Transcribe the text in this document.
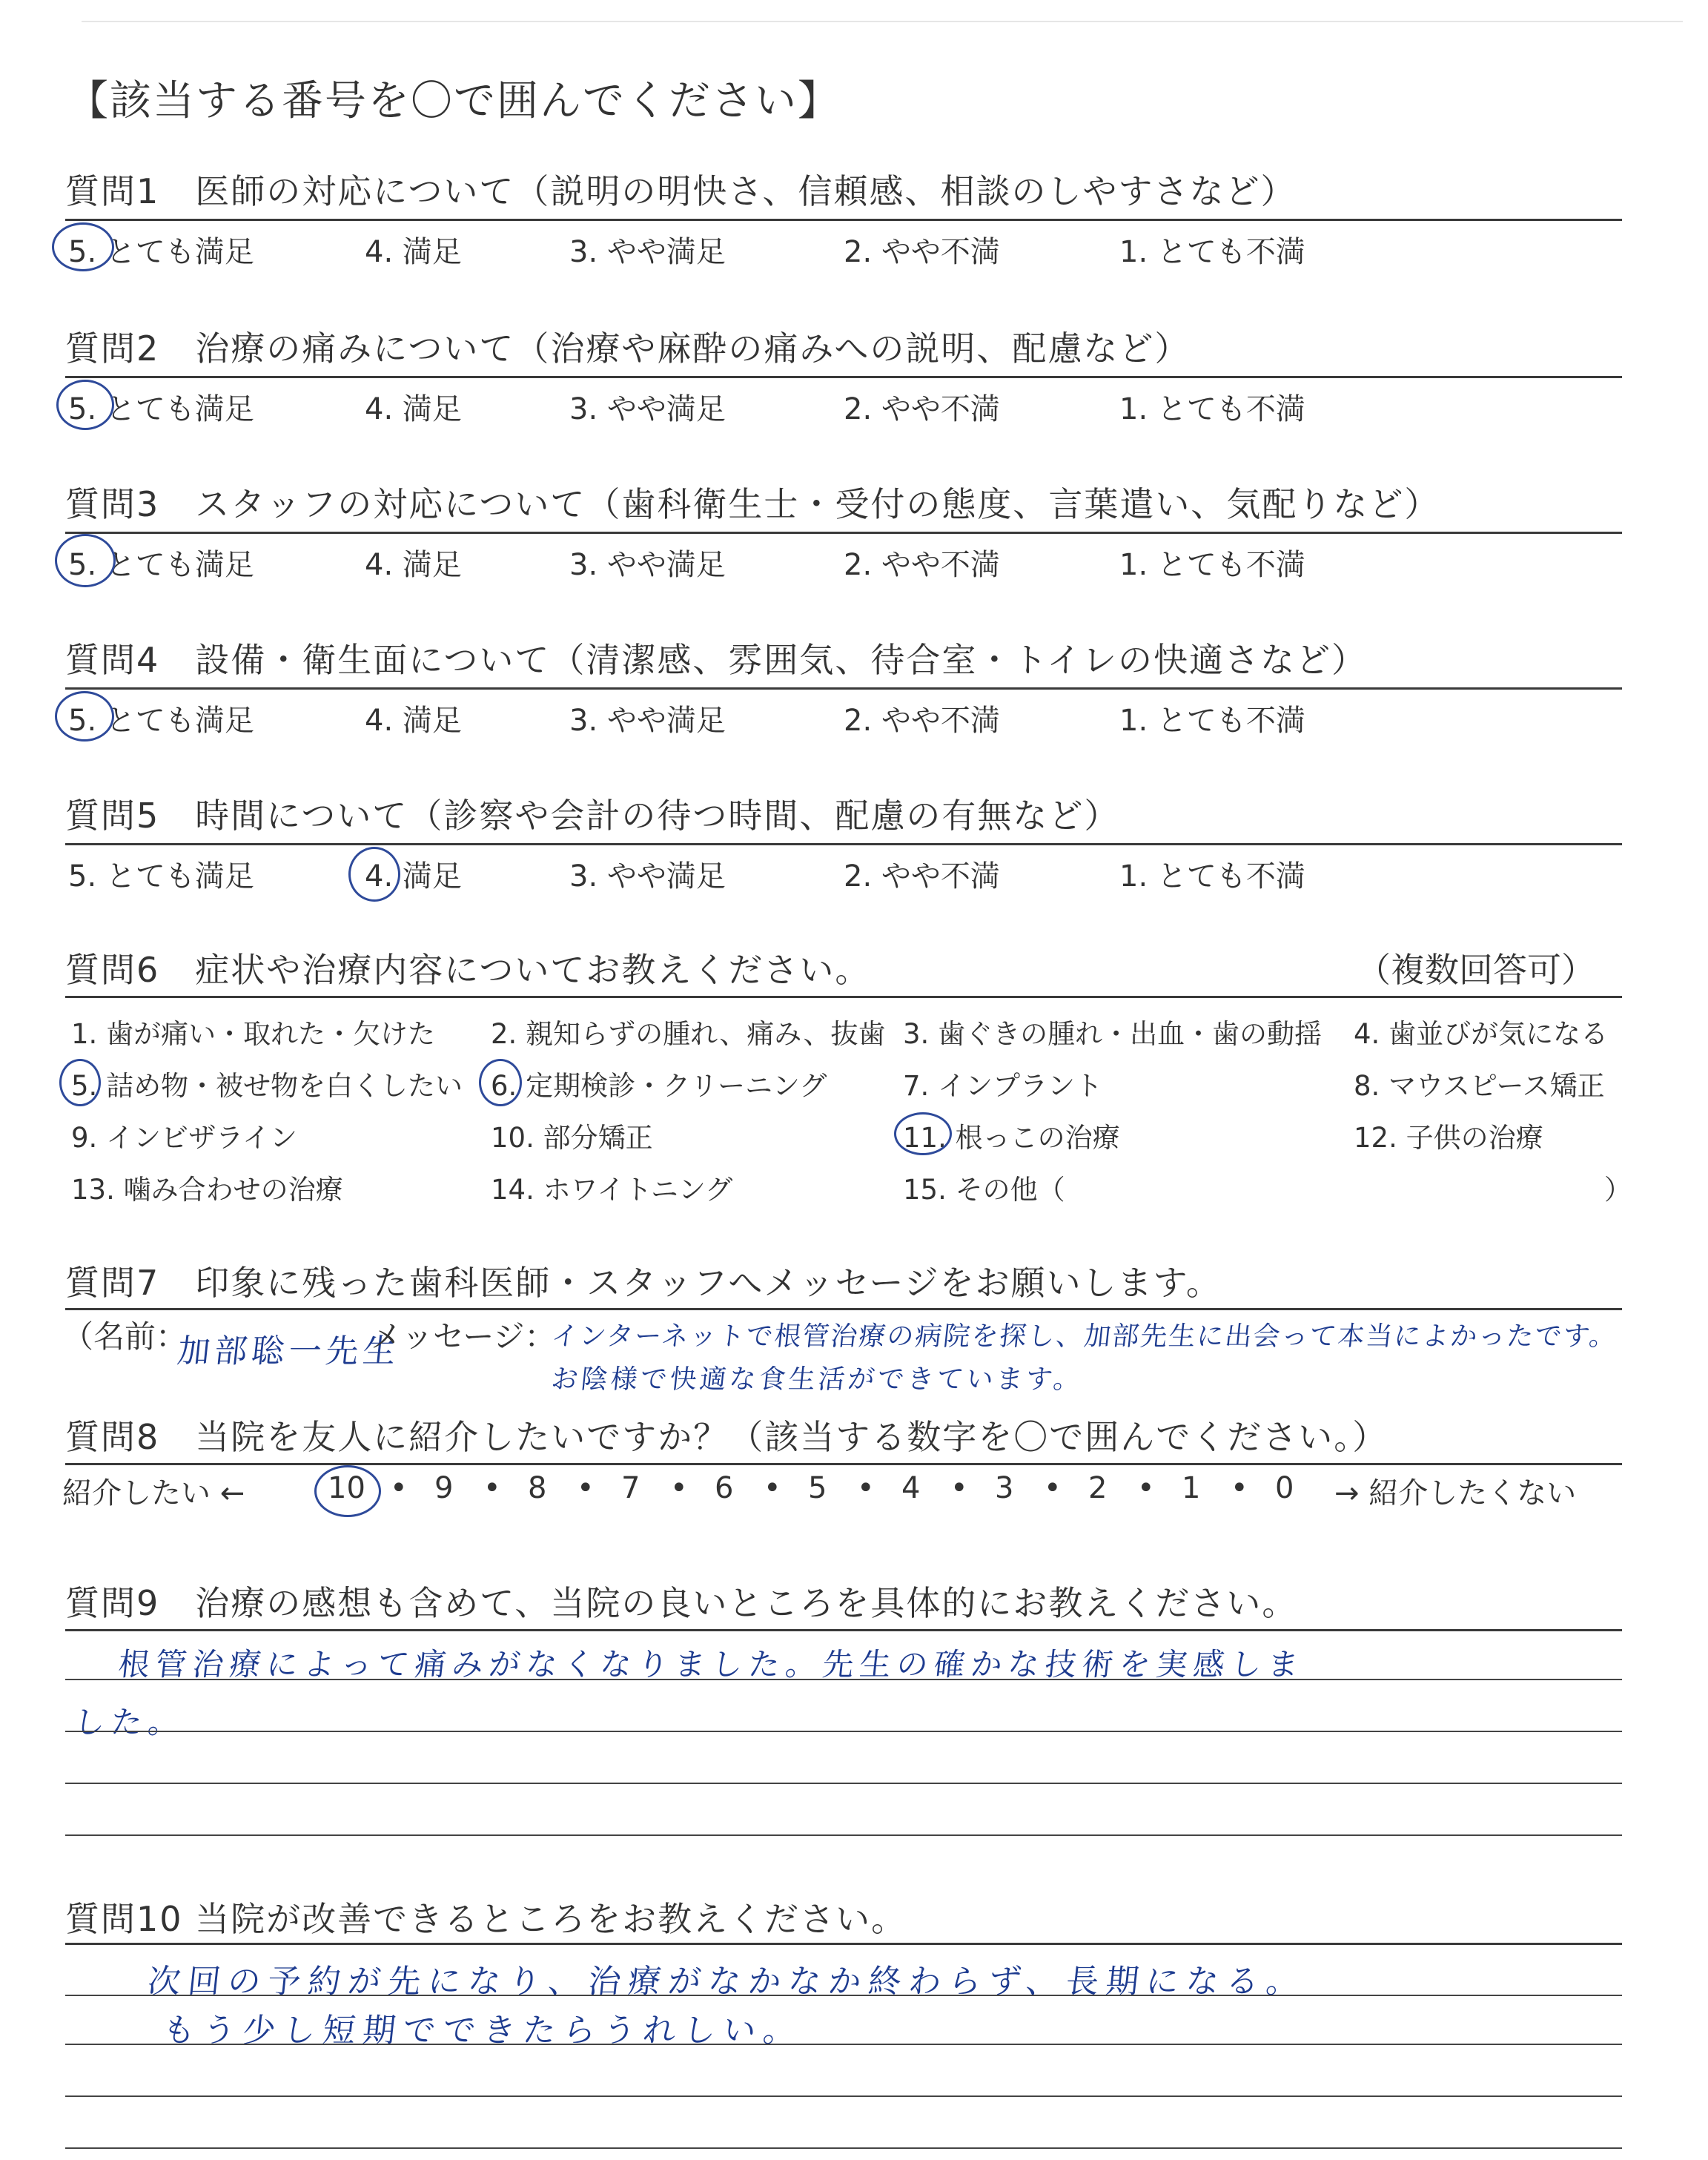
【該当する番号を〇で囲んでください】
質問1　医師の対応について（説明の明快さ、信頼感、相談のしやすさなど）
5. とても満足	4. 満足	3. やや満足	2. やや不満	1. とても不満
質問2　治療の痛みについて（治療や麻酔の痛みへの説明、配慮など）
5. とても満足	4. 満足	3. やや満足	2. やや不満	1. とても不満
質問3　スタッフの対応について（歯科衛生士・受付の態度、言葉遣い、気配りなど）
5. とても満足	4. 満足	3. やや満足	2. やや不満	1. とても不満
質問4　設備・衛生面について（清潔感、雰囲気、待合室・トイレの快適さなど）
5. とても満足	4. 満足	3. やや満足	2. やや不満	1. とても不満
質問5　時間について（診察や会計の待つ時間、配慮の有無など）
5. とても満足	4. 満足	3. やや満足	2. やや不満	1. とても不満
質問6　症状や治療内容についてお教えください。	（複数回答可）
1. 歯が痛い・取れた・欠けた 2. 親知らずの腫れ、痛み、抜歯 3. 歯ぐきの腫れ・出血・歯の動揺 4. 歯並びが気になる
5. 詰め物・被せ物を白くしたい 6. 定期検診・クリーニング	7. インプラント	8. マウスピース矯正
9. インビザライン	10. 部分矯正	11. 根っこの治療	12. 子供の治療
13. 噛み合わせの治療	14. ホワイトニング	15. その他（	）
質問7　印象に残った歯科医師・スタッフへメッセージをお願いします。
（名前：
加部聡一先生
メッセージ：
インターネットで根管治療の病院を探し、加部先生に出会って本当によかったです。
お陰様で快適な食生活ができています。
質問8　当院を友人に紹介したいですか？（該当する数字を〇で囲んでください。）
紹介したい ←	→ 紹介したくない
10 • 9 • 8 • 7 • 6 • 5 • 4 • 3 • 2 • 1 • 0
質問9　治療の感想も含めて、当院の良いところを具体的にお教えください。
根管治療によって痛みがなくなりました。先生の確かな技術を実感しま
した。
質問10 当院が改善できるところをお教えください。
次回の予約が先になり、治療がなかなか終わらず、長期になる。
もう少し短期でできたらうれしい。
